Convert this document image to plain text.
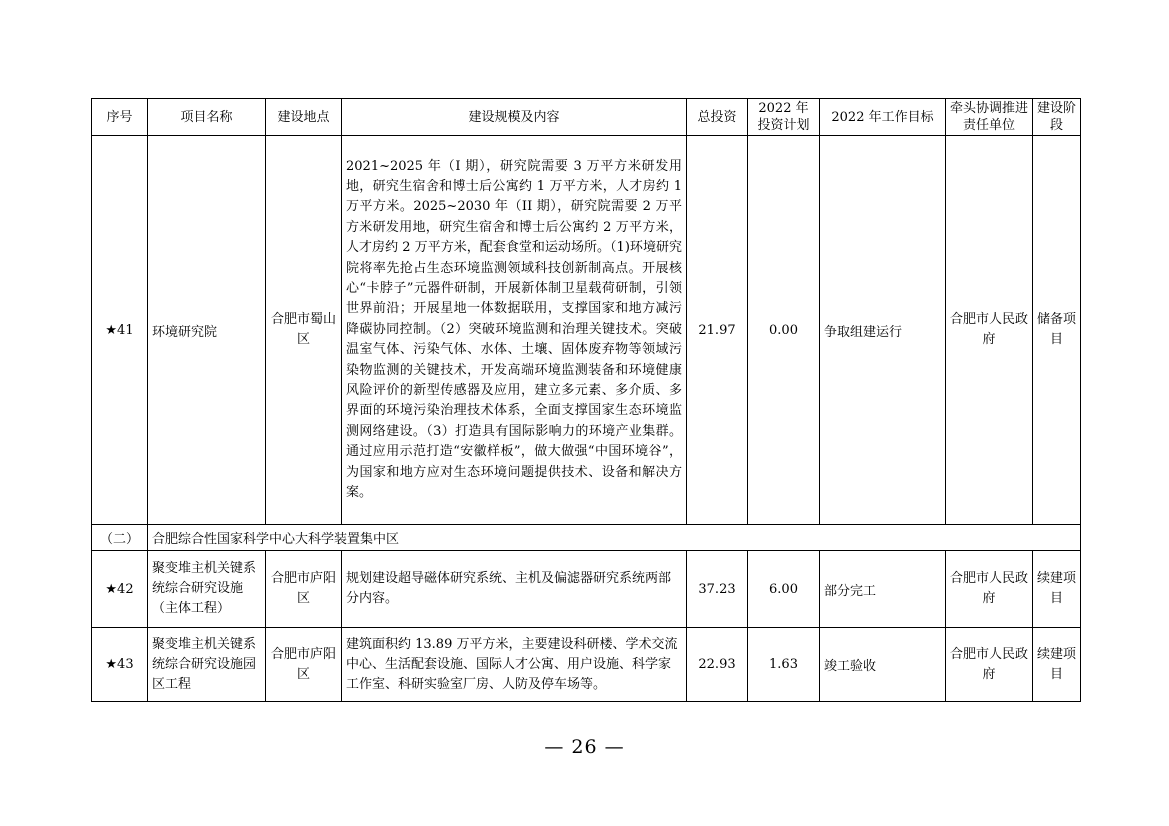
序号	项目名称	建设地点	建设规模及内容	总投资	2022 年投资计划	2022 年工作目标	牵头协调推进责任单位	建设阶段
★41	环境研究院	合肥市蜀山区	2021~2025 年（I 期），研究院需要 3 万平方米研发用地，研究生宿舍和博士后公寓约 1 万平方米，人才房约 1 万平方米。2025~2030 年（II 期），研究院需要 2 万平方米研发用地，研究生宿舍和博士后公寓约 2 万平方米，人才房约 2 万平方米，配套食堂和运动场所。（1)环境研究院将率先抢占生态环境监测领域科技创新制高点。开展核心“卡脖子”元器件研制，开展新体制卫星载荷研制，引领世界前沿；开展星地一体数据联用，支撑国家和地方减污降碳协同控制。（2）突破环境监测和治理关键技术。突破温室气体、污染气体、水体、土壤、固体废弃物等领域污染物监测的关键技术，开发高端环境监测装备和环境健康风险评价的新型传感器及应用，建立多元素、多介质、多界面的环境污染治理技术体系，全面支撑国家生态环境监测网络建设。（3）打造具有国际影响力的环境产业集群。通过应用示范打造“安徽样板”，做大做强“中国环境谷”，为国家和地方应对生态环境问题提供技术、设备和解决方案。	21.97	0.00	争取组建运行	合肥市人民政府	储备项目
（二）	合肥综合性国家科学中心大科学装置集中区							
★42	聚变堆主机关键系统综合研究设施（主体工程）	合肥市庐阳区	规划建设超导磁体研究系统、主机及偏滤器研究系统两部分内容。	37.23	6.00	部分完工	合肥市人民政府	续建项目
★43	聚变堆主机关键系统综合研究设施园区工程	合肥市庐阳区	建筑面积约 13.89 万平方米，主要建设科研楼、学术交流中心、生活配套设施、国际人才公寓、用户设施、科学家工作室、科研实验室厂房、人防及停车场等。	22.93	1.63	竣工验收	合肥市人民政府	续建项目
— 26 —
